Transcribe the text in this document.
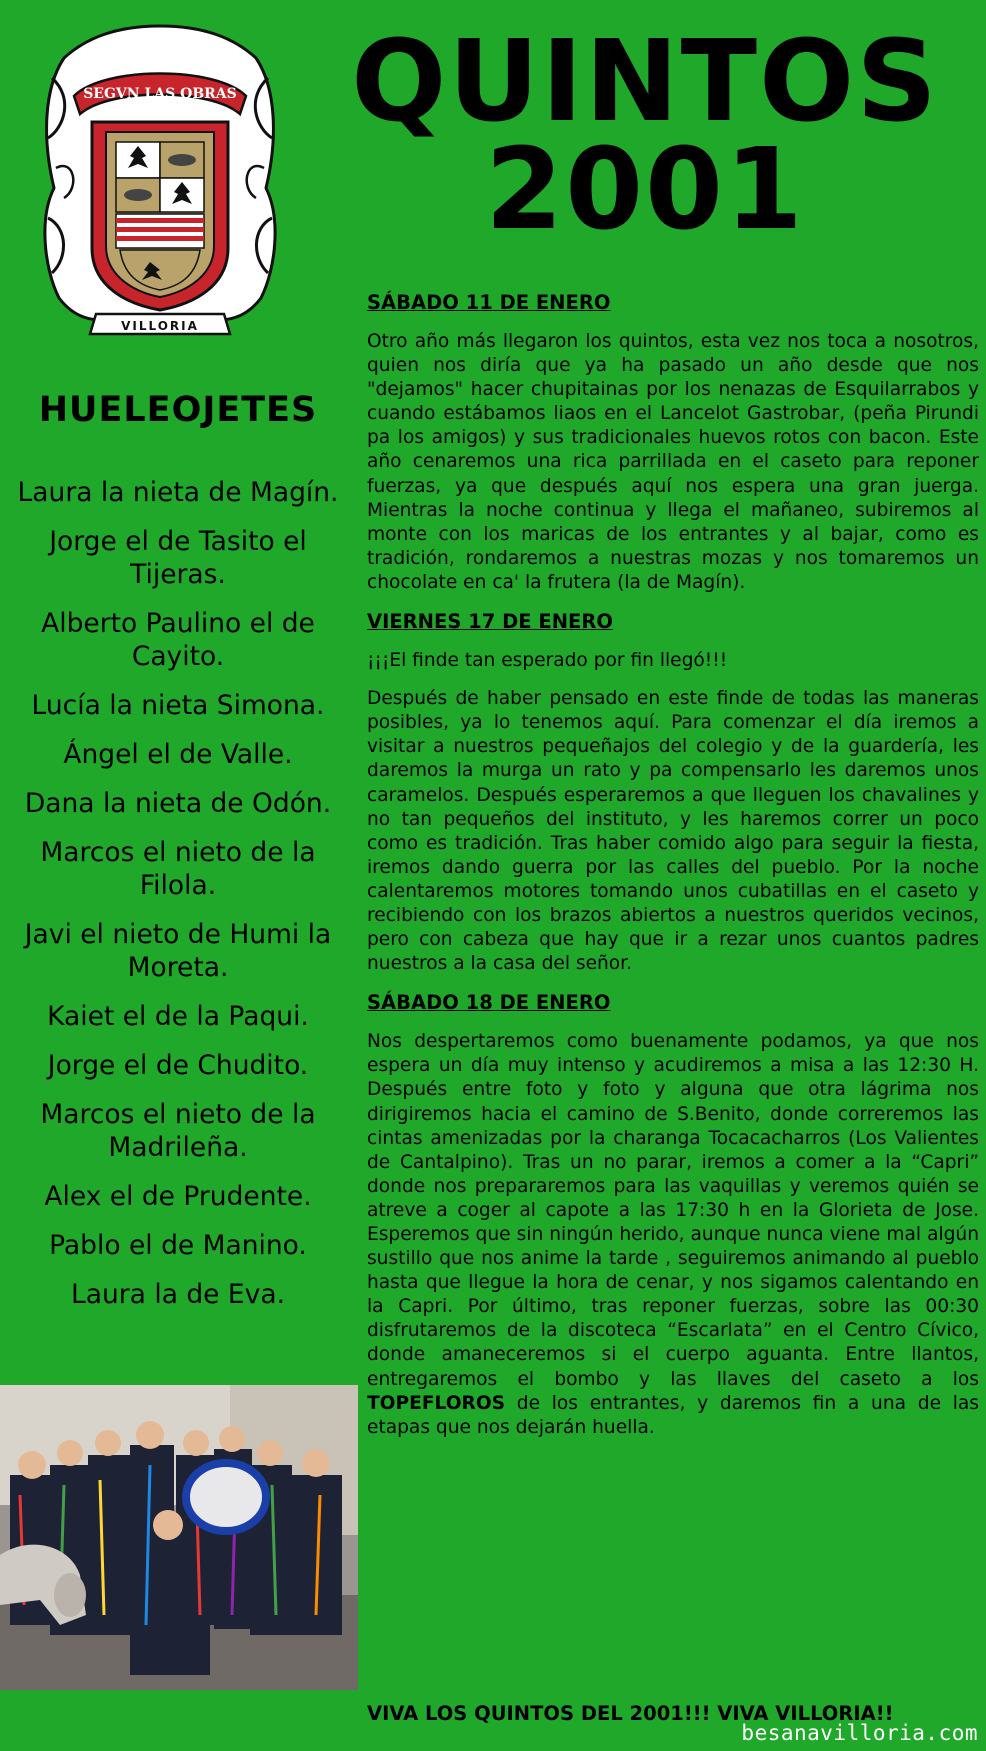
SEGVN LAS OBRAS
VILLORIA
QUINTOS
2001
HUELEOJETES
Laura la nieta de Magín.
Jorge el de Tasito el Tijeras.
Alberto Paulino el de Cayito.
Lucía la nieta Simona.
Ángel el de Valle.
Dana la nieta de Odón.
Marcos el nieto de la Filola.
Javi el nieto de Humi la Moreta.
Kaiet el de la Paqui.
Jorge el de Chudito.
Marcos el nieto de la Madrileña.
Alex el de Prudente.
Pablo el de Manino.
Laura la de Eva.
SÁBADO 11 DE ENERO

Otro año más llegaron los quintos, esta vez nos toca a nosotros, quien nos diría que ya ha pasado un año desde que nos "dejamos" hacer chupitainas por los nenazas de Esquilarrabos y cuando estábamos liaos en el Lancelot Gastrobar, (peña Pirundi pa los amigos) y sus tradicionales huevos rotos con bacon. Este año cenaremos una rica parrillada en el caseto para reponer fuerzas, ya que después aquí nos espera una gran juerga. Mientras la noche continua y llega el mañaneo, subiremos al monte con los maricas de los entrantes y al bajar, como es tradición, rondaremos a nuestras mozas y nos tomaremos un chocolate en ca' la frutera (la de Magín).

VIERNES 17 DE ENERO

¡¡¡El finde tan esperado por fin llegó!!!

Después de haber pensado en este finde de todas las maneras posibles, ya lo tenemos aquí. Para comenzar el día iremos a visitar a nuestros pequeñajos del colegio y de la guardería, les daremos la murga un rato y pa compensarlo les daremos unos caramelos. Después esperaremos a que lleguen los chavalines y no tan pequeños del instituto, y les haremos correr un poco como es tradición. Tras haber comido algo para seguir la fiesta, iremos dando guerra por las calles del pueblo. Por la noche calentaremos motores tomando unos cubatillas en el caseto y recibiendo con los brazos abiertos a nuestros queridos vecinos, pero con cabeza que hay que ir a rezar unos cuantos padres nuestros a la casa del señor.

SÁBADO 18 DE ENERO

Nos despertaremos como buenamente podamos, ya que nos espera un día muy intenso y acudiremos a misa a las 12:30 H. Después entre foto y foto y alguna que otra lágrima nos dirigiremos hacia el camino de S.Benito, donde correremos las cintas amenizadas por la charanga Tocacacharros (Los Valientes de Cantalpino). Tras un no parar, iremos a comer a la “Capri” donde nos prepararemos para las vaquillas y veremos quién se atreve a coger al capote a las 17:30 h en la Glorieta de Jose. Esperemos que sin ningún herido, aunque nunca viene mal algún sustillo que nos anime la tarde , seguiremos animando al pueblo hasta que llegue la hora de cenar, y nos sigamos calentando en la Capri. Por último, tras reponer fuerzas, sobre las 00:30 disfrutaremos de la discoteca “Escarlata” en el Centro Cívico, donde amaneceremos si el cuerpo aguanta. Entre llantos, entregaremos el bombo y las llaves del caseto a los TOPEFLOROS de los entrantes, y daremos fin a una de las etapas que nos dejarán huella.

VIVA LOS QUINTOS DEL 2001!!! VIVA VILLORIA!!
besanavilloria.com
